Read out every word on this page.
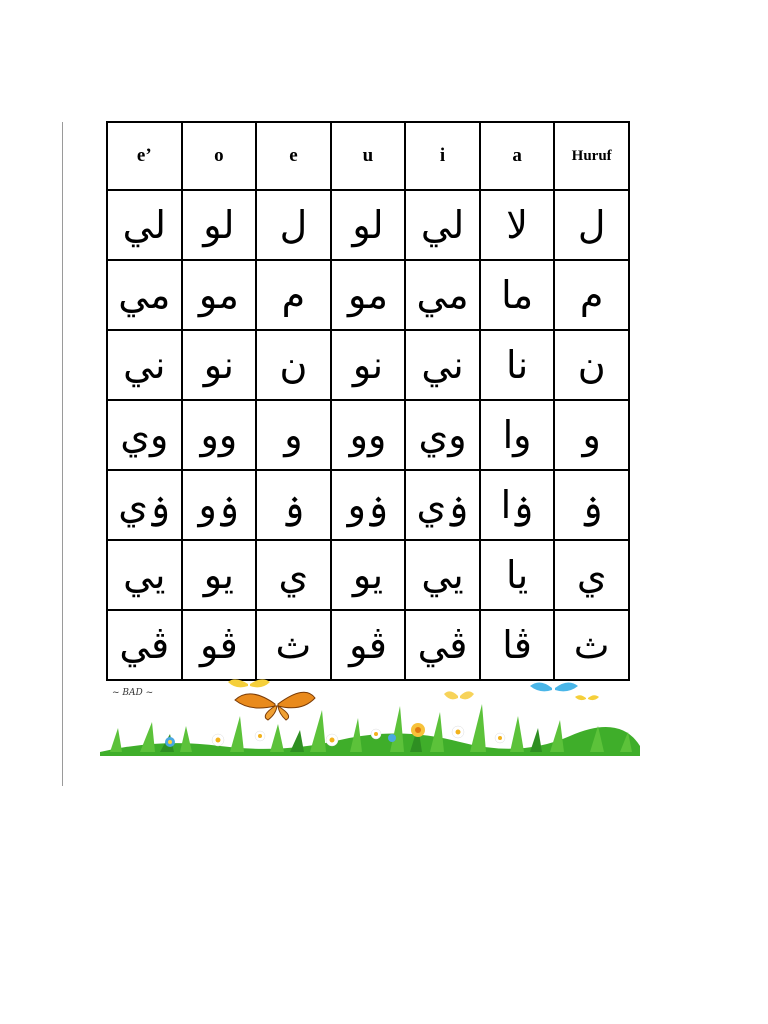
e’	o	e	u	i	a	Huruf
لي	لو	ل	لو	لي	لا	ل
مي	مو	م	مو	مي	ما	م
ني	نو	ن	نو	ني	نا	ن
وي	وو	و	وو	وي	وا	و
ۏي	ۏو	ۏ	ۏو	ۏي	ۏا	ۏ
يي	يو	ي	يو	يي	يا	ي
ڤي	ڤو	ث	ڤو	ڤي	ڤا	ث
~ BAD ~
